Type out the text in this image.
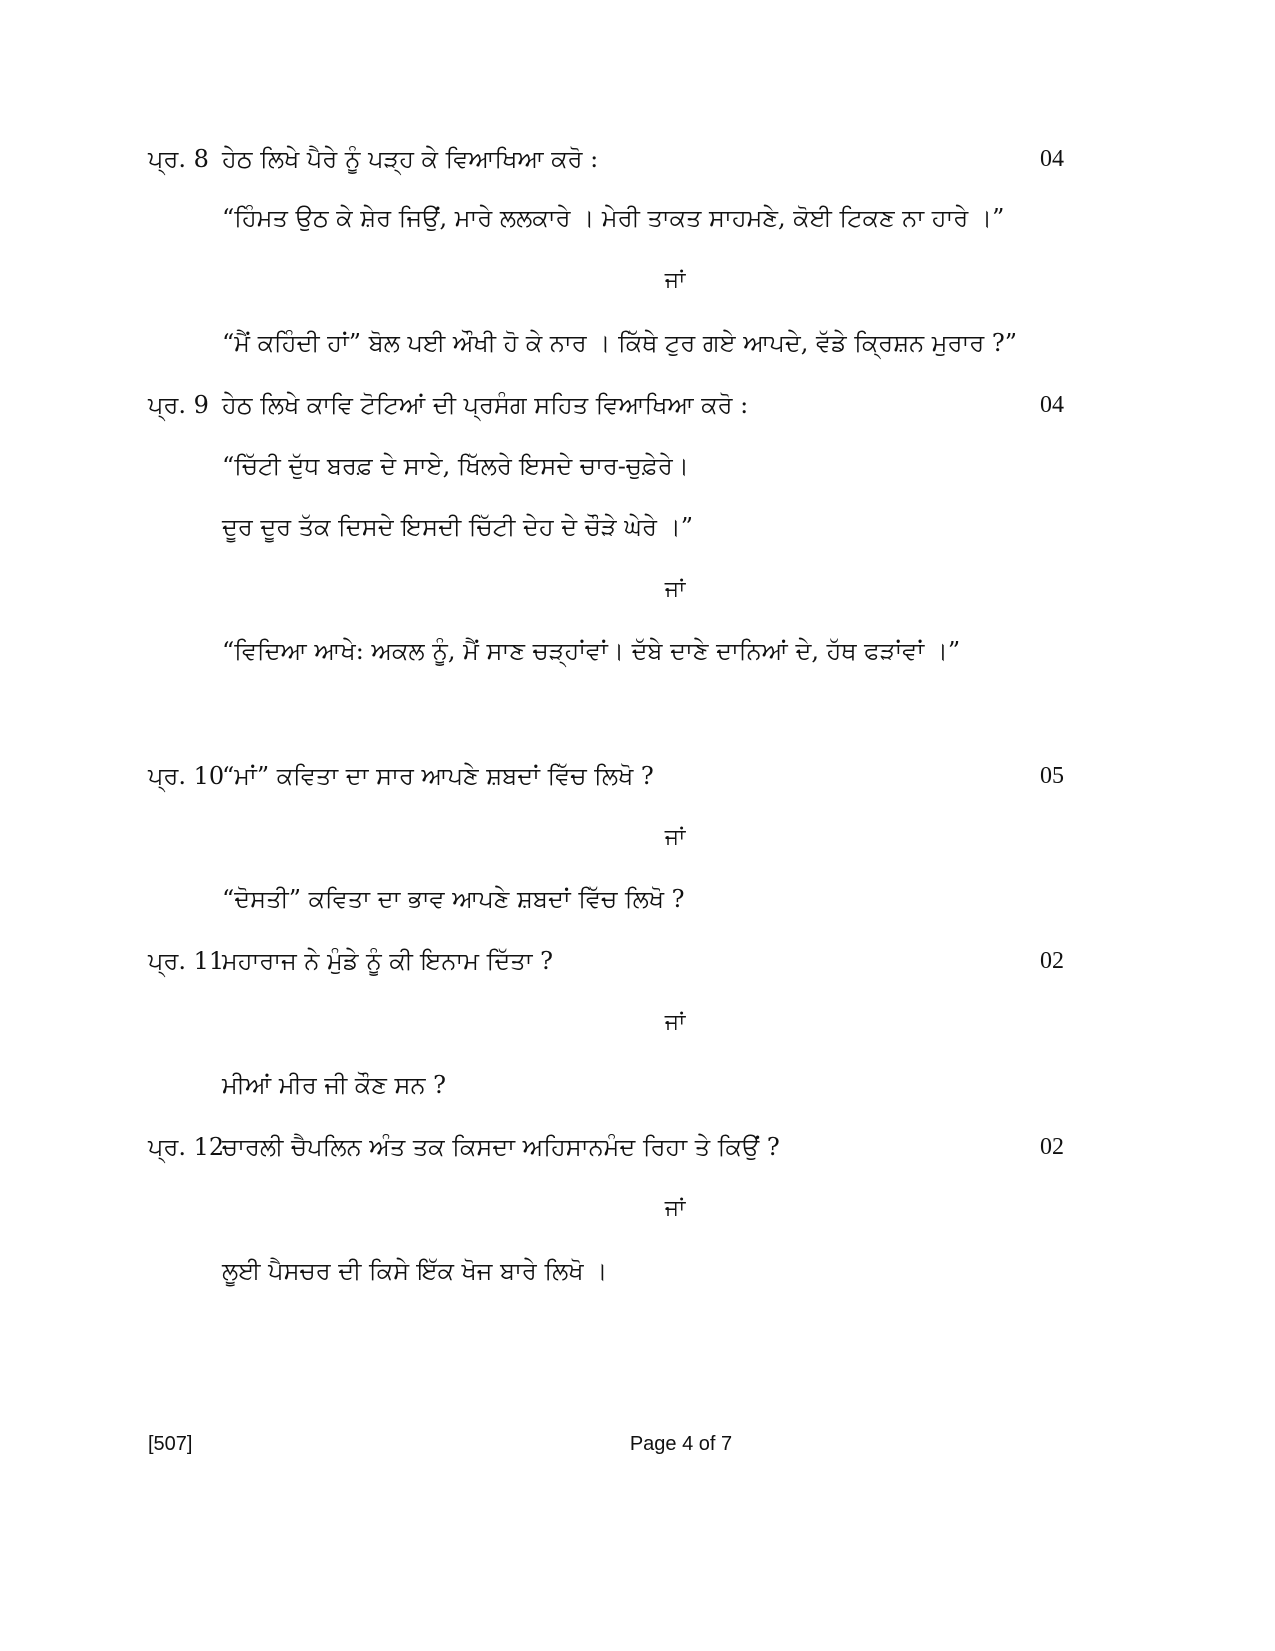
ਪ੍ਰ. 8 ਹੇਠ ਲਿਖੇ ਪੈਰੇ ਨੂੰ ਪੜ੍ਹ ਕੇ ਵਿਆਖਿਆ ਕਰੋ :	04
“ਹਿੰਮਤ ਉਠ ਕੇ ਸ਼ੇਰ ਜਿਉਂ, ਮਾਰੇ ਲਲਕਾਰੇ । ਮੇਰੀ ਤਾਕਤ ਸਾਹਮਣੇ, ਕੋਈ ਟਿਕਣ ਨਾ ਹਾਰੇ ।”
ਜਾਂ
“ਮੈਂ ਕਹਿੰਦੀ ਹਾਂ” ਬੋਲ ਪਈ ਔਖੀ ਹੋ ਕੇ ਨਾਰ । ਕਿੱਥੇ ਟੁਰ ਗਏ ਆਪਦੇ, ਵੱਡੇ ਕ੍ਰਿਸ਼ਨ ਮੁਰਾਰ ?”
ਪ੍ਰ. 9 ਹੇਠ ਲਿਖੇ ਕਾਵਿ ਟੋਟਿਆਂ ਦੀ ਪ੍ਰਸੰਗ ਸਹਿਤ ਵਿਆਖਿਆ ਕਰੋ :	04
“ਚਿੱਟੀ ਦੁੱਧ ਬਰਫ਼ ਦੇ ਸਾਏ, ਖਿੱਲਰੇ ਇਸਦੇ ਚਾਰ-ਚੁਫ਼ੇਰੇ।
ਦੂਰ ਦੂਰ ਤੱਕ ਦਿਸਦੇ ਇਸਦੀ ਚਿੱਟੀ ਦੇਹ ਦੇ ਚੌੜੇ ਘੇਰੇ ।”
ਜਾਂ
“ਵਿਦਿਆ ਆਖੇ: ਅਕਲ ਨੂੰ, ਮੈਂ ਸਾਣ ਚੜ੍ਹਾਂਵਾਂ। ਦੱਬੇ ਦਾਣੇ ਦਾਨਿਆਂ ਦੇ, ਹੱਥ ਫੜਾਂਵਾਂ ।”
ਪ੍ਰ. 10
“ਮਾਂ” ਕਵਿਤਾ ਦਾ ਸਾਰ ਆਪਣੇ ਸ਼ਬਦਾਂ ਵਿੱਚ ਲਿਖੋ ?	05
ਜਾਂ
“ਦੋਸਤੀ” ਕਵਿਤਾ ਦਾ ਭਾਵ ਆਪਣੇ ਸ਼ਬਦਾਂ ਵਿੱਚ ਲਿਖੋ ?
ਪ੍ਰ. 11
ਮਹਾਰਾਜ ਨੇ ਮੁੰਡੇ ਨੂੰ ਕੀ ਇਨਾਮ ਦਿੱਤਾ ?	02
ਜਾਂ
ਮੀਆਂ ਮੀਰ ਜੀ ਕੌਣ ਸਨ ?
ਪ੍ਰ. 12
ਚਾਰਲੀ ਚੈਪਲਿਨ ਅੰਤ ਤਕ ਕਿਸਦਾ ਅਹਿਸਾਨਮੰਦ ਰਿਹਾ ਤੇ ਕਿਉਂ ?	02
ਜਾਂ
ਲੂਈ ਪੈਸਚਰ ਦੀ ਕਿਸੇ ਇੱਕ ਖੋਜ ਬਾਰੇ ਲਿਖੋ ।
[507]	Page 4 of 7
